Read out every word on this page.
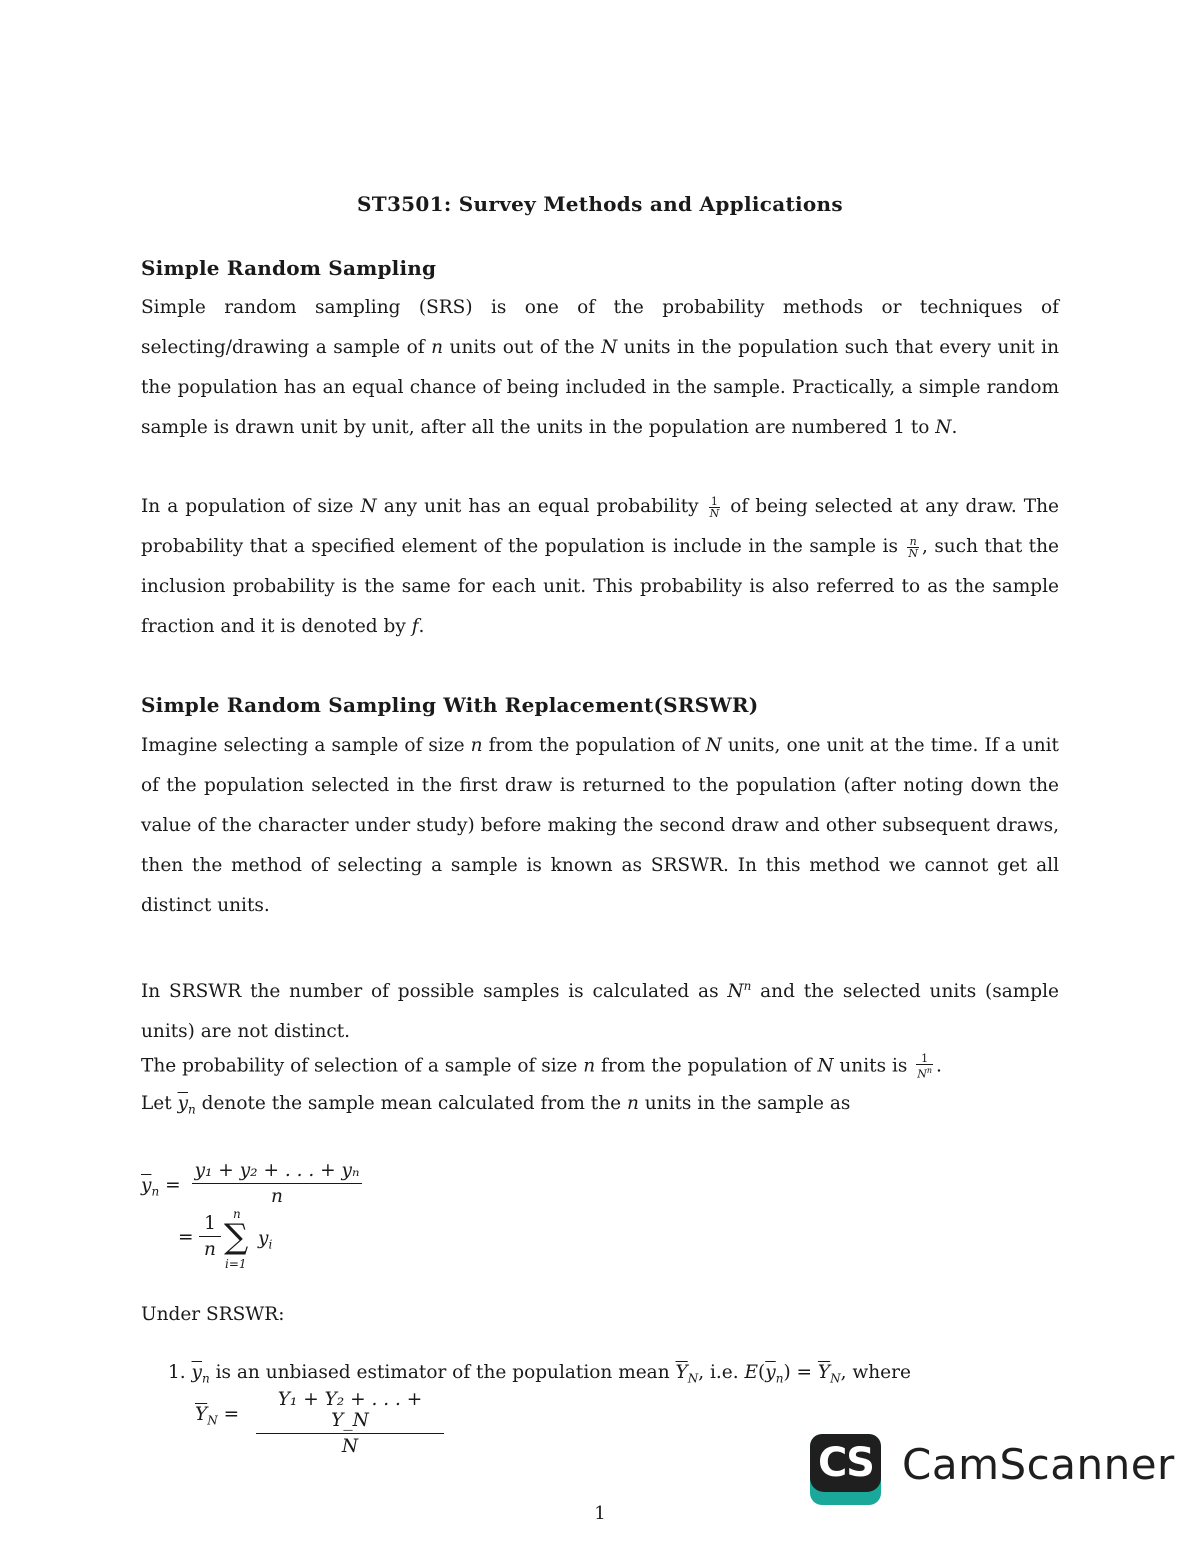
ST3501: Survey Methods and Applications
Simple Random Sampling
Simple random sampling (SRS) is one of the probability methods or techniques of selecting/drawing a sample of n units out of the N units in the population such that every unit in the population has an equal chance of being included in the sample. Practically, a simple random sample is drawn unit by unit, after all the units in the population are numbered 1 to N.
In a population of size N any unit has an equal probability $\frac{1}{N}$ of being selected at any draw. The probability that a specified element of the population is include in the sample is $\frac{n}{N}$ , such that the inclusion probability is the same for each unit. This probability is also referred to as the sample fraction and it is denoted by f.
Simple Random Sampling With Replacement(SRSWR)
Imagine selecting a sample of size n from the population of N units, one unit at the time. If a unit of the population selected in the first draw is returned to the population (after noting down the value of the character under study) before making the second draw and other subsequent draws, then the method of selecting a sample is known as SRSWR. In this method we cannot get all distinct units.
In SRSWR the number of possible samples is calculated as $N^n$ and the selected units (sample units) are not distinct.
The probability of selection of a sample of size n from the population of N units is $\frac{1}{N^n}$ .
Let $\overline{y}_n$ denote the sample mean calculated from the n units in the sample as
$\overline{y}_n$ =
y₁ + y₂ + . . . + yₙ
n
=
1
n
n
∑
i=1
$y_i$
Under SRSWR:
1. $\overline{y}_n$ is an unbiased estimator of the population mean $\overline{Y}_N$, i.e. $E(\overline{y}_n) = \overline{Y}_N$, where
$\overline{Y}_N$ =
Y₁ + Y₂ + . . . + Y_N
N	CS CamScanner
1
